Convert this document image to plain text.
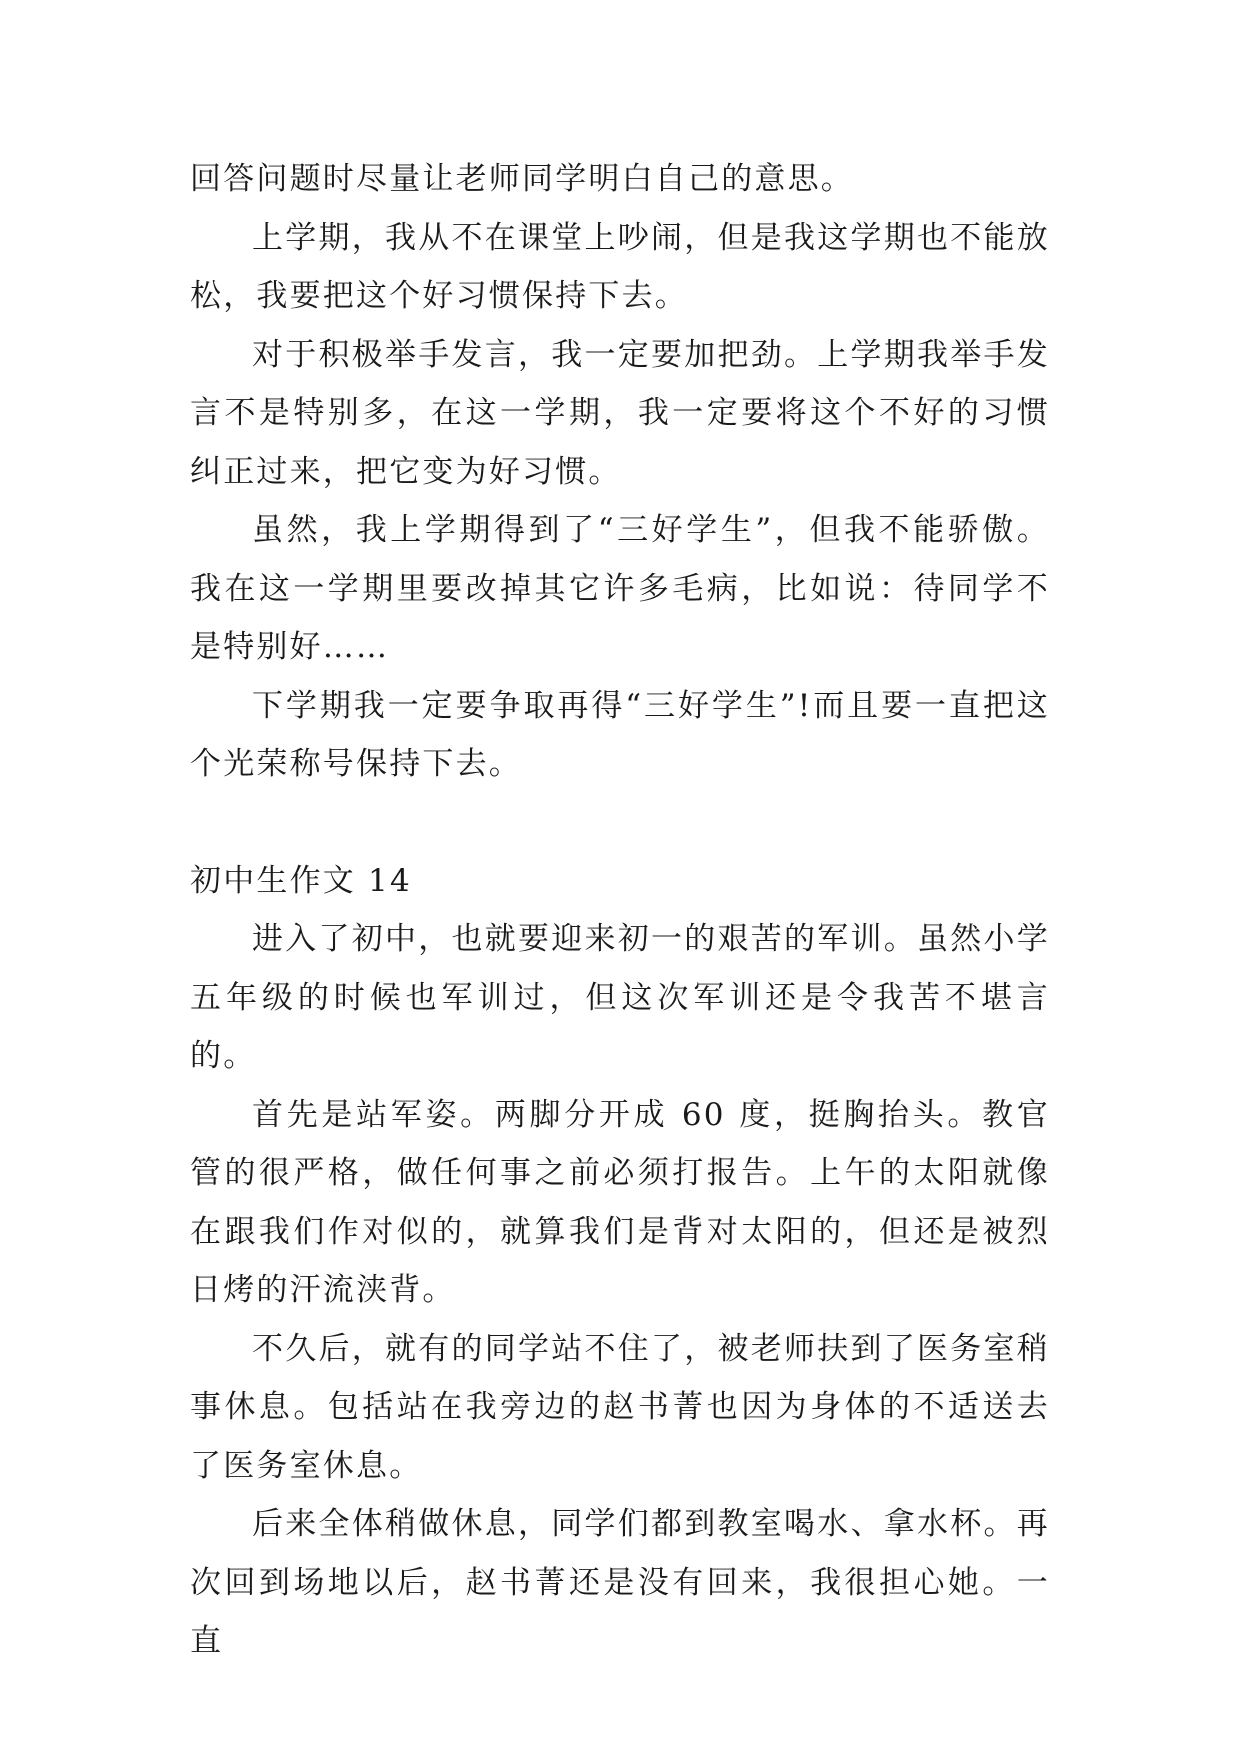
回答问题时尽量让老师同学明白自己的意思。

上学期，我从不在课堂上吵闹，但是我这学期也不能放松，我要把这个好习惯保持下去。

对于积极举手发言，我一定要加把劲。上学期我举手发言不是特别多，在这一学期，我一定要将这个不好的习惯纠正过来，把它变为好习惯。

虽然，我上学期得到了“三好学生”，但我不能骄傲。我在这一学期里要改掉其它许多毛病，比如说：待同学不是特别好……

下学期我一定要争取再得“三好学生”!而且要一直把这个光荣称号保持下去。

初中生作文 14

进入了初中，也就要迎来初一的艰苦的军训。虽然小学五年级的时候也军训过，但这次军训还是令我苦不堪言的。

首先是站军姿。两脚分开成 60 度，挺胸抬头。教官管的很严格，做任何事之前必须打报告。上午的太阳就像在跟我们作对似的，就算我们是背对太阳的，但还是被烈日烤的汗流浃背。

不久后，就有的同学站不住了，被老师扶到了医务室稍事休息。包括站在我旁边的赵书菁也因为身体的不适送去了医务室休息。

后来全体稍做休息，同学们都到教室喝水、拿水杯。再次回到场地以后，赵书菁还是没有回来，我很担心她。一直
